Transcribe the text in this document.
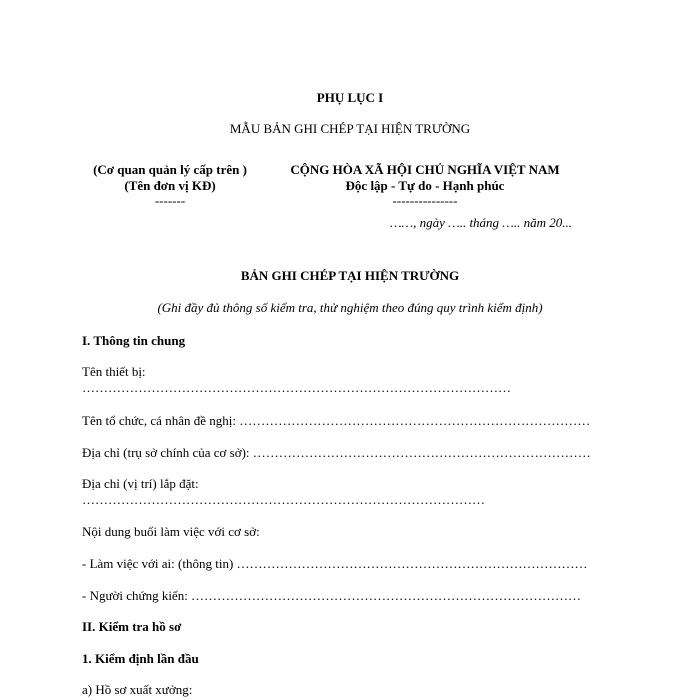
PHỤ LỤC I
MẪU BẢN GHI CHÉP TẠI HIỆN TRƯỜNG
(Cơ quan quản lý cấp trên )
(Tên đơn vị KĐ)
-------
CỘNG HÒA XÃ HỘI CHỦ NGHĨA VIỆT NAM
Độc lập - Tự do - Hạnh phúc
---------------
……, ngày ….. tháng ….. năm 20...
BẢN GHI CHÉP TẠI HIỆN TRƯỜNG
(Ghi đầy đủ thông số kiểm tra, thử nghiệm theo đúng quy trình kiểm định)
I. Thông tin chung
Tên thiết bị:
………………………………………………………………………………………
Tên tổ chức, cá nhân đề nghị: ………………………………………………………………………
Địa chỉ (trụ sở chính của cơ sở): ……………………………………………………………………
Địa chỉ (vị trí) lắp đặt:
…………………………………………………………………………………
Nội dung buổi làm việc với cơ sở:
- Làm việc với ai: (thông tin) ………………………………………………………………………
- Người chứng kiến: ………………………………………………………………………………
II. Kiểm tra hồ sơ
1. Kiểm định lần đầu
a) Hồ sơ xuất xưởng:
